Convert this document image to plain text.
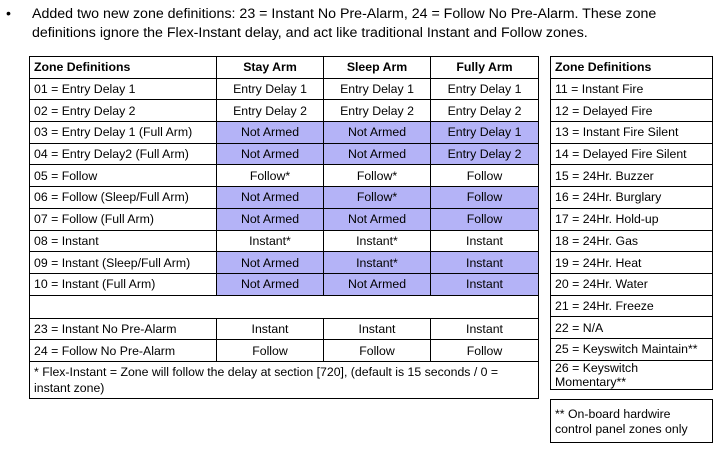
• Added two new zone definitions: 23 = Instant No Pre-Alarm, 24 = Follow No Pre-Alarm. These zone definitions ignore the Flex-Instant delay, and act like traditional Instant and Follow zones.
Zone Definitions	Stay Arm	Sleep Arm	Fully Arm
01 = Entry Delay 1	Entry Delay 1	Entry Delay 1	Entry Delay 1
02 = Entry Delay 2	Entry Delay 2	Entry Delay 2	Entry Delay 2
03 = Entry Delay 1 (Full Arm)	Not Armed	Not Armed	Entry Delay 1
04 = Entry Delay2 (Full Arm)	Not Armed	Not Armed	Entry Delay 2
05 = Follow	Follow*	Follow*	Follow
06 = Follow (Sleep/Full Arm)	Not Armed	Follow*	Follow
07 = Follow (Full Arm)	Not Armed	Not Armed	Follow
08 = Instant	Instant*	Instant*	Instant
09 = Instant (Sleep/Full Arm)	Not Armed	Instant*	Instant
10 = Instant (Full Arm)	Not Armed	Not Armed	Instant

23 = Instant No Pre-Alarm	Instant	Instant	Instant
24 = Follow No Pre-Alarm	Follow	Follow	Follow
* Flex-Instant = Zone will follow the delay at section [720], (default is 15 seconds / 0 = instant zone)			
Zone Definitions
11 = Instant Fire
12 = Delayed Fire
13 = Instant Fire Silent
14 = Delayed Fire Silent
15 = 24Hr. Buzzer
16 = 24Hr. Burglary
17 = 24Hr. Hold-up
18 = 24Hr. Gas
19 = 24Hr. Heat
20 = 24Hr. Water
21 = 24Hr. Freeze
22 = N/A
25 = Keyswitch Maintain**
26 = Keyswitch Momentary**

** On-board hardwire control panel zones only
